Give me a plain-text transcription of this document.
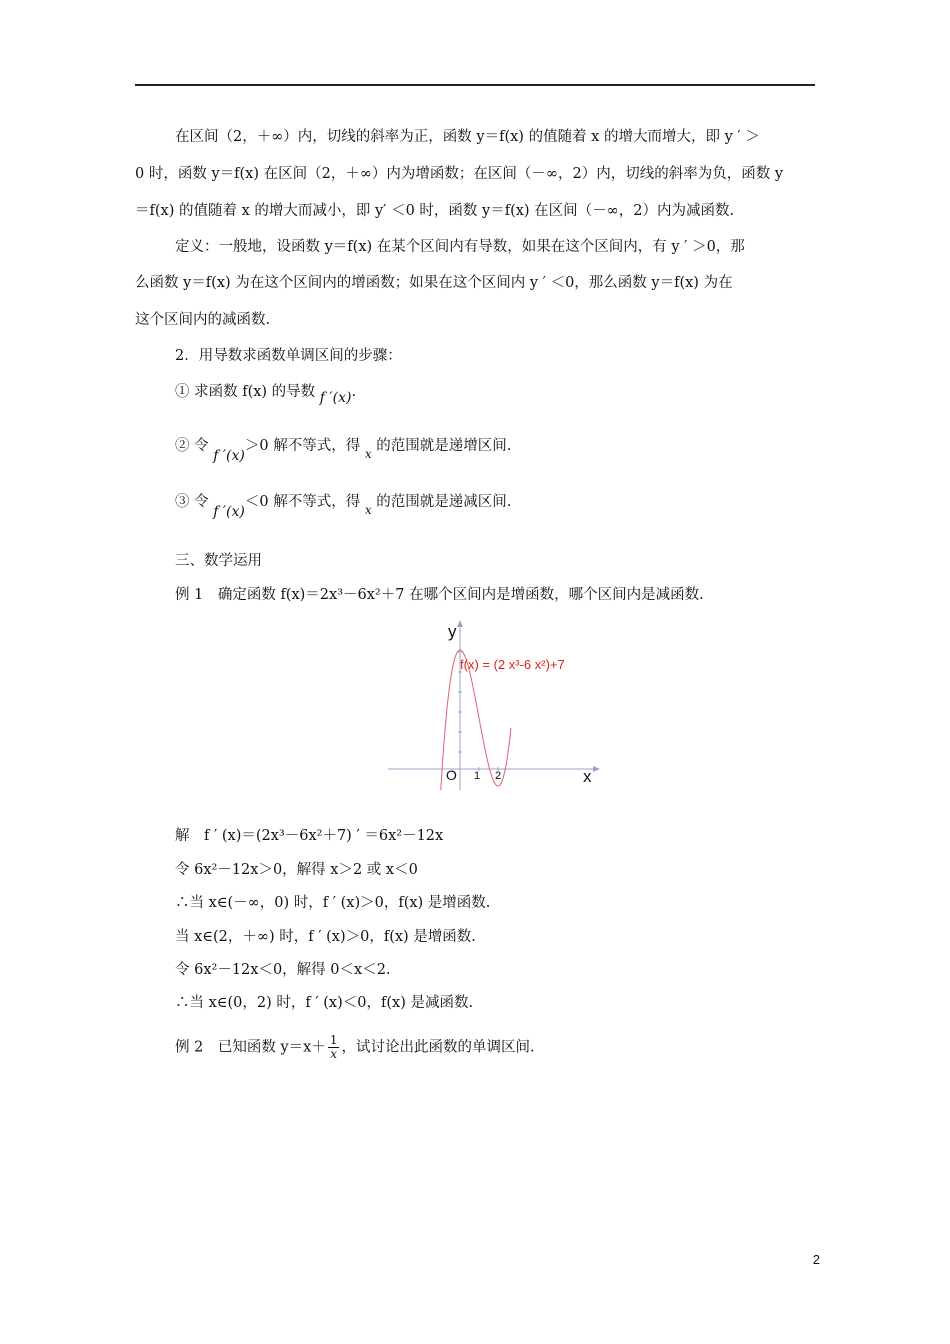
在区间（2，＋∞）内，切线的斜率为正，函数 y＝f(x) 的值随着 x 的增大而增大，即 y ′ ＞
0 时，函数 y＝f(x) 在区间（2，＋∞）内为增函数；在区间（－∞，2）内，切线的斜率为负，函数 y
＝f(x) 的值随着 x 的增大而减小，即 y′ ＜0 时，函数 y＝f(x) 在区间（－∞，2）内为减函数.
定义：一般地，设函数 y＝f(x) 在某个区间内有导数，如果在这个区间内，有 y ′ ＞0，那
么函数 y＝f(x) 为在这个区间内的增函数；如果在这个区间内 y ′ ＜0，那么函数 y＝f(x) 为在
这个区间内的减函数.
2．用导数求函数单调区间的步骤：
① 求函数 f(x) 的导数 f ′(x).
② 令 f ′(x)＞0 解不等式，得 $_x$ 的范围就是递增区间.
③ 令 f ′(x)＜0 解不等式，得 $_x$ 的范围就是递减区间.
三、数学运用
例 1　确定函数 f(x)＝2x³－6x²＋7 在哪个区间内是增函数，哪个区间内是减函数.
y
x
O 1 2
f(x) = (2 x³-6 x²)+7
解　f ′ (x)＝(2x³－6x²＋7) ′ ＝6x²－12x
令 6x²－12x＞0，解得 x＞2 或 x＜0
∴当 x∈(－∞，0) 时，f ′ (x)＞0，f(x) 是增函数.
当 x∈(2，＋∞) 时，f ′ (x)＞0，f(x) 是增函数.
令 6x²－12x＜0，解得 0＜x＜2.
∴当 x∈(0，2) 时，f ′ (x)＜0，f(x) 是减函数.
例 2　已知函数 $y=x+ \frac{1}{x}$ ，试讨论出此函数的单调区间.
2
